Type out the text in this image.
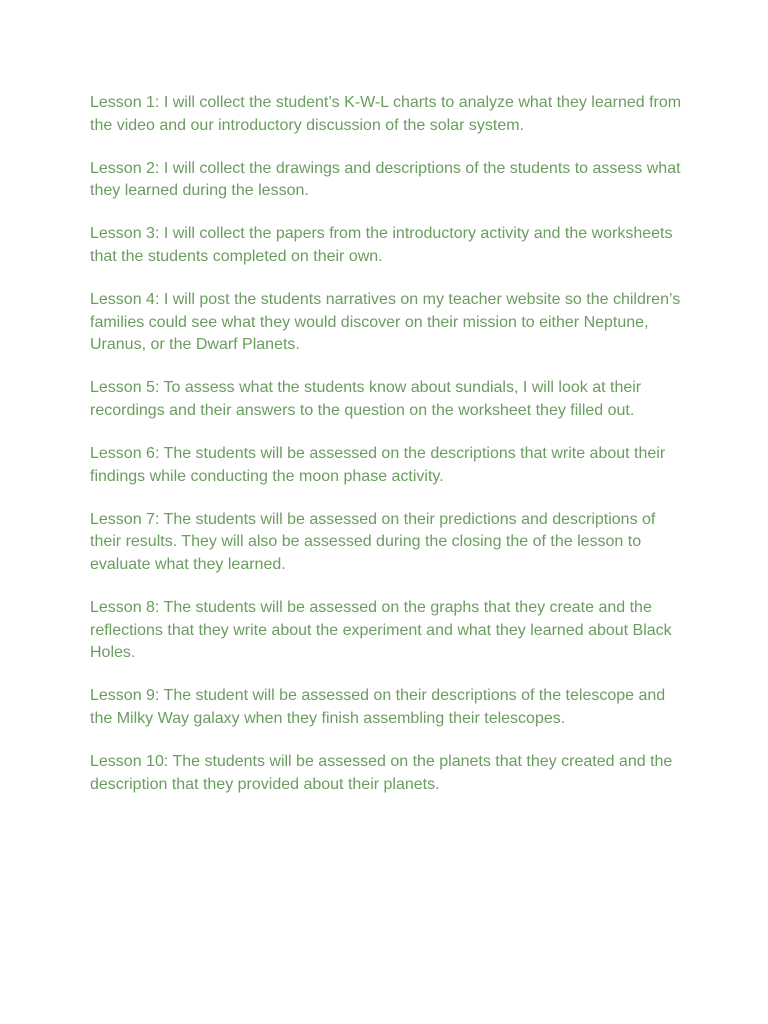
Lesson 1: I will collect the student’s K-W-L charts to analyze what they learned from the video and our introductory discussion of the solar system.

Lesson 2: I will collect the drawings and descriptions of the students to assess what they learned during the lesson.

Lesson 3: I will collect the papers from the introductory activity and the worksheets that the students completed on their own.

Lesson 4: I will post the students narratives on my teacher website so the children’s families could see what they would discover on their mission to either Neptune, Uranus, or the Dwarf Planets.

Lesson 5: To assess what the students know about sundials, I will look at their recordings and their answers to the question on the worksheet they filled out.

Lesson 6: The students will be assessed on the descriptions that write about their findings while conducting the moon phase activity.

Lesson 7: The students will be assessed on their predictions and descriptions of their results. They will also be assessed during the closing the of the lesson to evaluate what they learned.

Lesson 8: The students will be assessed on the graphs that they create and the reflections that they write about the experiment and what they learned about Black Holes.

Lesson 9: The student will be assessed on their descriptions of the telescope and the Milky Way galaxy when they finish assembling their telescopes.

Lesson 10: The students will be assessed on the planets that they created and the description that they provided about their planets.
